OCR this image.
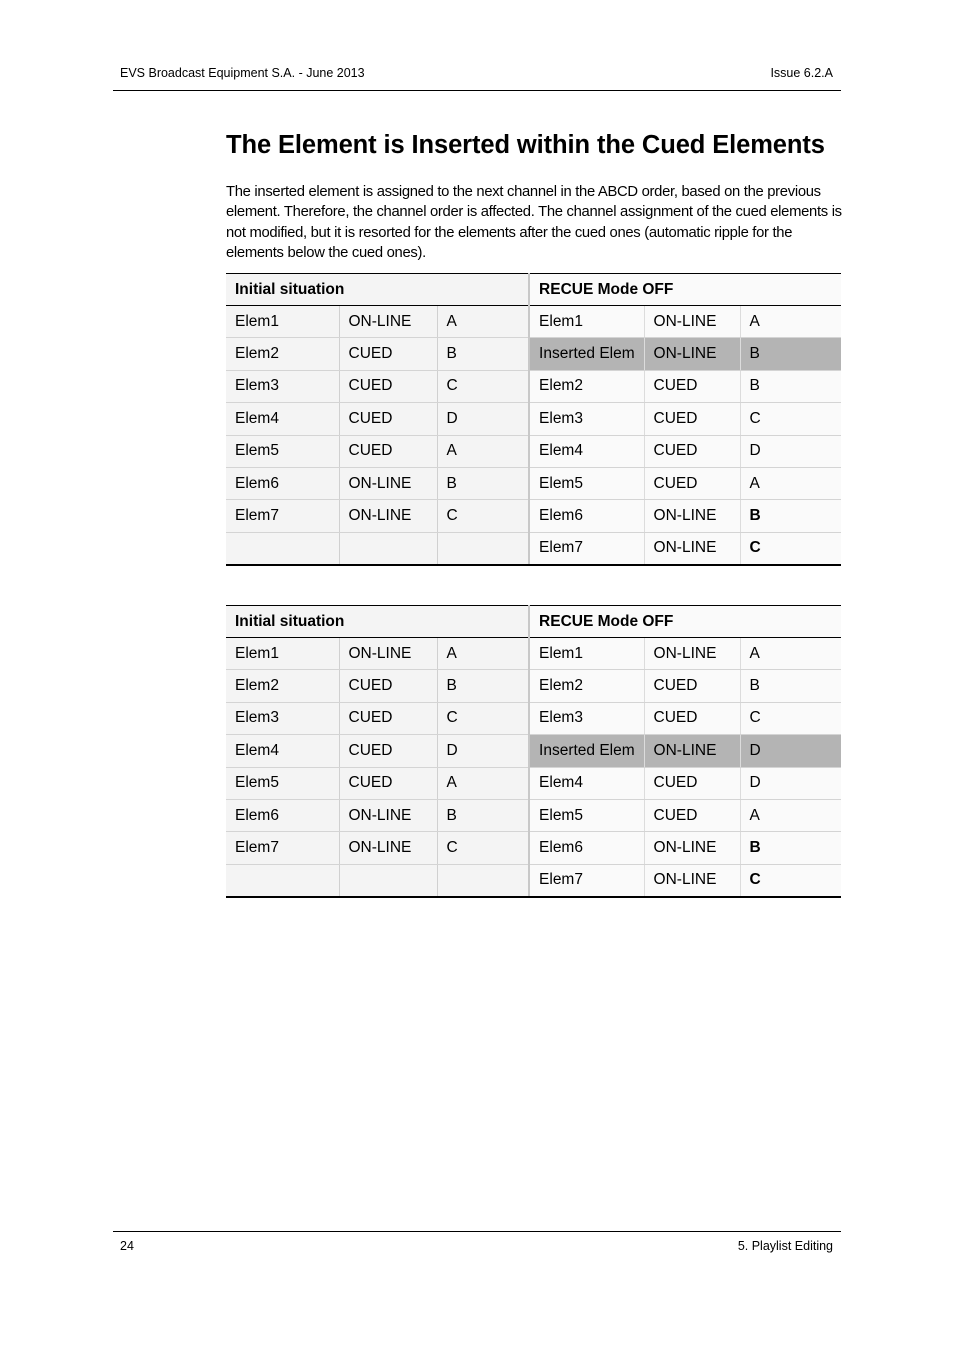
EVS Broadcast Equipment S.A. - June 2013	Issue 6.2.A
The Element is Inserted within the Cued Elements

The inserted element is assigned to the next channel in the ABCD order, based on the previous element. Therefore, the channel order is affected. The channel assignment of the cued elements is not modified, but it is resorted for the elements after the cued ones (automatic ripple for the elements below the cued ones).

Initial situation			RECUE Mode OFF		
Elem1	ON-LINE	A	Elem1	ON-LINE	A
Elem2	CUED	B	Inserted Elem	ON-LINE	B
Elem3	CUED	C	Elem2	CUED	B
Elem4	CUED	D	Elem3	CUED	C
Elem5	CUED	A	Elem4	CUED	D
Elem6	ON-LINE	B	Elem5	CUED	A
Elem7	ON-LINE	C	Elem6	ON-LINE	B
			Elem7	ON-LINE	C
Initial situation			RECUE Mode OFF		
Elem1	ON-LINE	A	Elem1	ON-LINE	A
Elem2	CUED	B	Elem2	CUED	B
Elem3	CUED	C	Elem3	CUED	C
Elem4	CUED	D	Inserted Elem	ON-LINE	D
Elem5	CUED	A	Elem4	CUED	D
Elem6	ON-LINE	B	Elem5	CUED	A
Elem7	ON-LINE	C	Elem6	ON-LINE	B
			Elem7	ON-LINE	C
24	5. Playlist Editing
